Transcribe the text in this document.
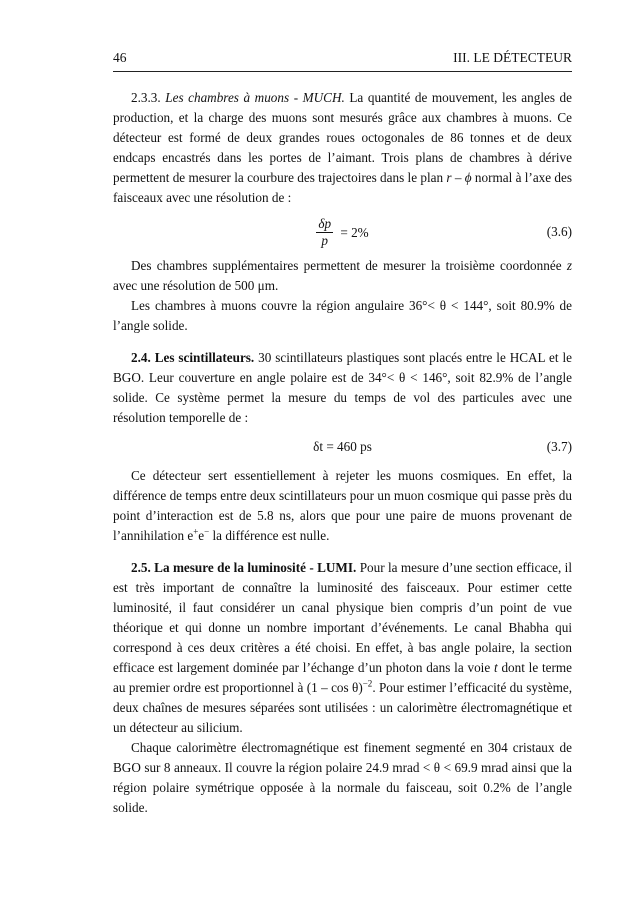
46	III. LE DÉTECTEUR

2.3.3. Les chambres à muons - MUCH. La quantité de mouvement, les angles de production, et la charge des muons sont mesurés grâce aux chambres à muons. Ce détecteur est formé de deux grandes roues octogonales de 86 tonnes et de deux endcaps encastrés dans les portes de l’aimant. Trois plans de chambres à dérive permettent de mesurer la courbure des trajectoires dans le plan r – ϕ normal à l’axe des faisceaux avec une résolution de :

$\frac{\delta p}{p} = 2\%$	(3.6)

Des chambres supplémentaires permettent de mesurer la troisième coordonnée z avec une résolution de 500 μm.

Les chambres à muons couvre la région angulaire 36°< θ < 144°, soit 80.9% de l’angle solide.

2.4. Les scintillateurs. 30 scintillateurs plastiques sont placés entre le HCAL et le BGO. Leur couverture en angle polaire est de 34°< θ < 146°, soit 82.9% de l’angle solide. Ce système permet la mesure du temps de vol des particules avec une résolution temporelle de :

δt = 460 ps	(3.7)

Ce détecteur sert essentiellement à rejeter les muons cosmiques. En effet, la différence de temps entre deux scintillateurs pour un muon cosmique qui passe près du point d’interaction est de 5.8 ns, alors que pour une paire de muons provenant de l’annihilation e+e− la différence est nulle.

2.5. La mesure de la luminosité - LUMI. Pour la mesure d’une section efficace, il est très important de connaître la luminosité des faisceaux. Pour estimer cette luminosité, il faut considérer un canal physique bien compris d’un point de vue théorique et qui donne un nombre important d’événements. Le canal Bhabha qui correspond à ces deux critères a été choisi. En effet, à bas angle polaire, la section efficace est largement dominée par l’échange d’un photon dans la voie t dont le terme au premier ordre est proportionnel à (1 – cos θ)$^{-2}$. Pour estimer l’efficacité du système, deux chaînes de mesures séparées sont utilisées : un calorimètre électromagnétique et un détecteur au silicium.

Chaque calorimètre électromagnétique est finement segmenté en 304 cristaux de BGO sur 8 anneaux. Il couvre la région polaire 24.9 mrad < θ < 69.9 mrad ainsi que la région polaire symétrique opposée à la normale du faisceau, soit 0.2% de l’angle solide.
